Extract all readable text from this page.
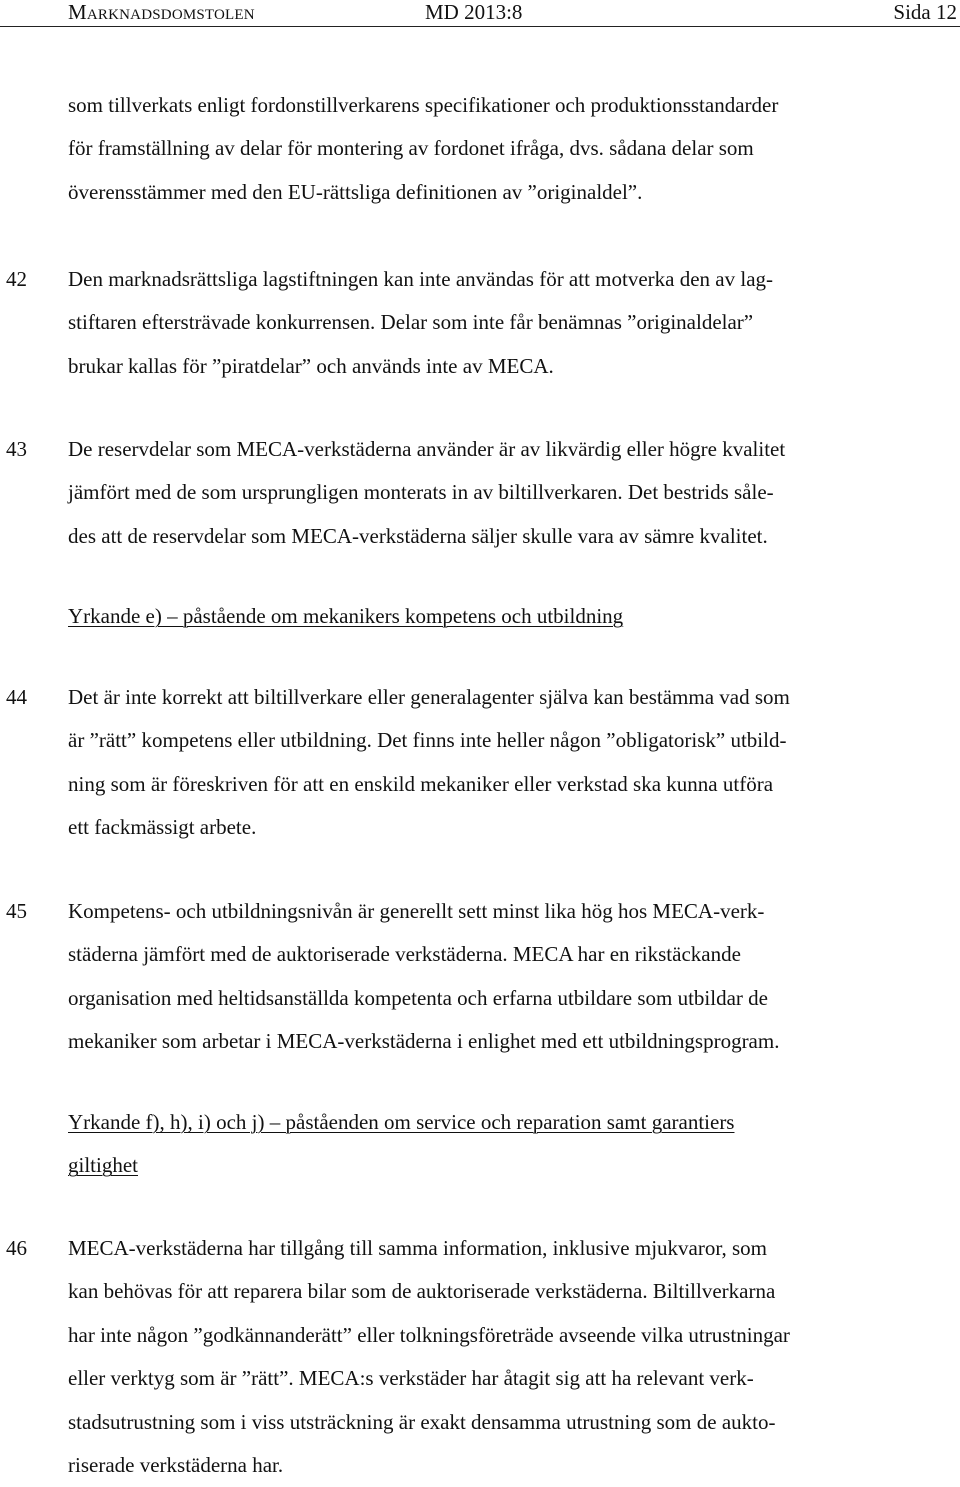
Marknadsdomstolen	MD 2013:8	Sida 12
som tillverkats enligt fordonstillverkarens specifikationer och produktionsstandarder
för framställning av delar för montering av fordonet ifråga, dvs. sådana delar som
överensstämmer med den EU-rättsliga definitionen av ”originaldel”.
42 Den marknadsrättsliga lagstiftningen kan inte användas för att motverka den av lag-
stiftaren eftersträvade konkurrensen. Delar som inte får benämnas ”originaldelar”
brukar kallas för ”piratdelar” och används inte av MECA.
43 De reservdelar som MECA-verkstäderna använder är av likvärdig eller högre kvalitet
jämfört med de som ursprungligen monterats in av biltillverkaren. Det bestrids såle-
des att de reservdelar som MECA-verkstäderna säljer skulle vara av sämre kvalitet.
Yrkande e) – påstående om mekanikers kompetens och utbildning
44 Det är inte korrekt att biltillverkare eller generalagenter själva kan bestämma vad som
är ”rätt” kompetens eller utbildning. Det finns inte heller någon ”obligatorisk” utbild-
ning som är föreskriven för att en enskild mekaniker eller verkstad ska kunna utföra
ett fackmässigt arbete.
45 Kompetens- och utbildningsnivån är generellt sett minst lika hög hos MECA-verk-
städerna jämfört med de auktoriserade verkstäderna. MECA har en rikstäckande
organisation med heltidsanställda kompetenta och erfarna utbildare som utbildar de
mekaniker som arbetar i MECA-verkstäderna i enlighet med ett utbildningsprogram.
Yrkande f), h), i) och j) – påståenden om service och reparation samt garantiers
giltighet
46 MECA-verkstäderna har tillgång till samma information, inklusive mjukvaror, som
kan behövas för att reparera bilar som de auktoriserade verkstäderna. Biltillverkarna
har inte någon ”godkännanderätt” eller tolkningsföreträde avseende vilka utrustningar
eller verktyg som är ”rätt”. MECA:s verkstäder har åtagit sig att ha relevant verk-
stadsutrustning som i viss utsträckning är exakt densamma utrustning som de auktо-
riserade verkstäderna har.
